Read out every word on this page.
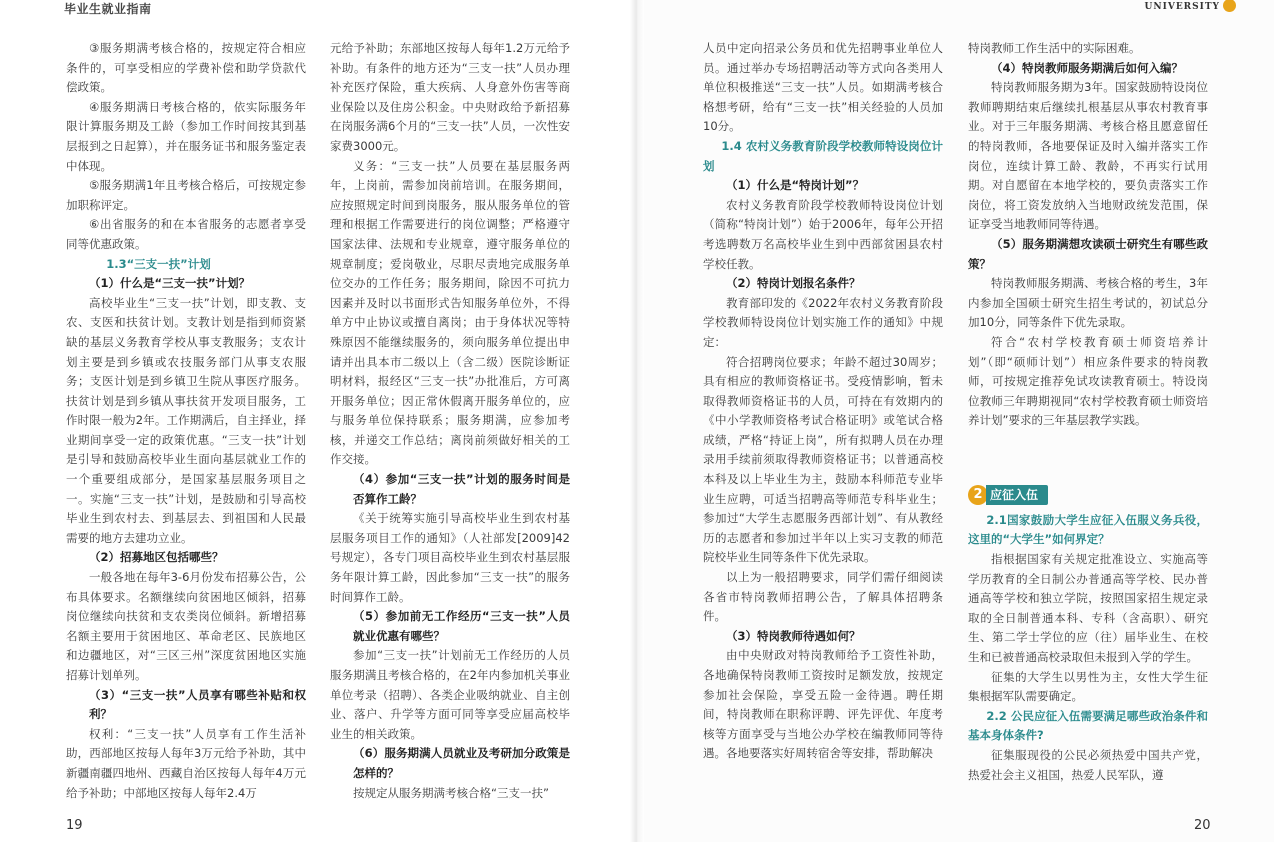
毕业生就业指南
19
UNIVERSITY
20

③服务期满考核合格的，按规定符合相应条件的，可享受相应的学费补偿和助学贷款代偿政策。

④服务期满日考核合格的，依实际服务年限计算服务期及工龄（参加工作时间按其到基层报到之日起算），并在服务证书和服务鉴定表中体现。

⑤服务期满1年且考核合格后，可按规定参加职称评定。

⑥出省服务的和在本省服务的志愿者享受同等优惠政策。

1.3“三支一扶”计划

（1）什么是“三支一扶”计划？

高校毕业生“三支一扶”计划，即支教、支农、支医和扶贫计划。支教计划是指到师资紧缺的基层义务教育学校从事支教服务；支农计划主要是到乡镇或农技服务部门从事支农服务；支医计划是到乡镇卫生院从事医疗服务。扶贫计划是到乡镇从事扶贫开发项目服务，工作时限一般为2年。工作期满后，自主择业，择业期间享受一定的政策优惠。“三支一扶”计划是引导和鼓励高校毕业生面向基层就业工作的一个重要组成部分，是国家基层服务项目之一。实施“三支一扶”计划，是鼓励和引导高校毕业生到农村去、到基层去、到祖国和人民最需要的地方去建功立业。

（2）招募地区包括哪些？

一般各地在每年3-6月份发布招募公告，公布具体要求。名额继续向贫困地区倾斜，招募岗位继续向扶贫和支农类岗位倾斜。新增招募名额主要用于贫困地区、革命老区、民族地区和边疆地区，对“三区三州”深度贫困地区实施招募计划单列。

（3）“三支一扶”人员享有哪些补贴和权利？

权利：“三支一扶”人员享有工作生活补助，西部地区按每人每年3万元给予补助，其中新疆南疆四地州、西藏自治区按每人每年4万元给予补助；中部地区按每人每年2.4万

元给予补助；东部地区按每人每年1.2万元给予补助。有条件的地方还为“三支一扶”人员办理补充医疗保险，重大疾病、人身意外伤害等商业保险以及住房公积金。中央财政给予新招募在岗服务满6个月的“三支一扶”人员，一次性安家费3000元。

义务：“三支一扶”人员要在基层服务两年，上岗前，需参加岗前培训。在服务期间，应按照规定时间到岗服务，服从服务单位的管理和根据工作需要进行的岗位调整；严格遵守国家法律、法规和专业规章，遵守服务单位的规章制度；爱岗敬业，尽职尽责地完成服务单位交办的工作任务；服务期间，除因不可抗力因素并及时以书面形式告知服务单位外，不得单方中止协议或擅自离岗；由于身体状况等特殊原因不能继续服务的，须向服务单位提出申请并出具本市二级以上（含二级）医院诊断证明材料，报经区“三支一扶”办批准后，方可离开服务单位；因正常休假离开服务单位的，应与服务单位保持联系；服务期满，应参加考核，并递交工作总结；离岗前须做好相关的工作交接。

（4）参加“三支一扶”计划的服务时间是否算作工龄？

《关于统筹实施引导高校毕业生到农村基层服务项目工作的通知》（人社部发[2009]42号规定），各专门项目高校毕业生到农村基层服务年限计算工龄，因此参加“三支一扶”的服务时间算作工龄。

（5）参加前无工作经历“三支一扶”人员就业优惠有哪些？

参加“三支一扶”计划前无工作经历的人员服务期满且考核合格的，在2年内参加机关事业单位考录（招聘）、各类企业吸纳就业、自主创业、落户、升学等方面可同等享受应届高校毕业生的相关政策。

（6）服务期满人员就业及考研加分政策是怎样的？

按规定从服务期满考核合格“三支一扶”

人员中定向招录公务员和优先招聘事业单位人员。通过举办专场招聘活动等方式向各类用人单位积极推送“三支一扶”人员。如期满考核合格想考研，给有“三支一扶”相关经验的人员加10分。

1.4 农村义务教育阶段学校教师特设岗位计划

（1）什么是“特岗计划”？

农村义务教育阶段学校教师特设岗位计划（简称“特岗计划”）始于2006年，每年公开招考选聘数万名高校毕业生到中西部贫困县农村学校任教。

（2）特岗计划报名条件？

教育部印发的《2022年农村义务教育阶段学校教师特设岗位计划实施工作的通知》中规定：

符合招聘岗位要求；年龄不超过30周岁；具有相应的教师资格证书。受疫情影响，暂未取得教师资格证书的人员，可持在有效期内的《中小学教师资格考试合格证明》或笔试合格成绩，严格“持证上岗”，所有拟聘人员在办理录用手续前须取得教师资格证书；以普通高校本科及以上毕业生为主，鼓励本科师范专业毕业生应聘，可适当招聘高等师范专科毕业生；参加过“大学生志愿服务西部计划”、有从教经历的志愿者和参加过半年以上实习支教的师范院校毕业生同等条件下优先录取。

以上为一般招聘要求，同学们需仔细阅读各省市特岗教师招聘公告，了解具体招聘条件。

（3）特岗教师待遇如何？

由中央财政对特岗教师给予工资性补助，各地确保特岗教师工资按时足额发放，按规定参加社会保险，享受五险一金待遇。聘任期间，特岗教师在职称评聘、评先评优、年度考核等方面享受与当地公办学校在编教师同等待遇。各地要落实好周转宿舍等安排，帮助解决

特岗教师工作生活中的实际困难。

（4）特岗教师服务期满后如何入编？

特岗教师服务期为3年。国家鼓励特设岗位教师聘期结束后继续扎根基层从事农村教育事业。对于三年服务期满、考核合格且愿意留任的特岗教师，各地要保证及时入编并落实工作岗位，连续计算工龄、教龄，不再实行试用期。对自愿留在本地学校的，要负责落实工作岗位，将工资发放纳入当地财政统发范围，保证享受当地教师同等待遇。

（5）服务期满想攻读硕士研究生有哪些政策？

特岗教师服务期满、考核合格的考生，3年内参加全国硕士研究生招生考试的，初试总分加10分，同等条件下优先录取。

符合“农村学校教育硕士师资培养计划”（即“硕师计划”）相应条件要求的特岗教师，可按规定推荐免试攻读教育硕士。特设岗位教师三年聘期视同“农村学校教育硕士师资培养计划”要求的三年基层教学实践。

2 应征入伍

2.1国家鼓励大学生应征入伍服义务兵役，这里的“大学生”如何界定？

指根据国家有关规定批准设立、实施高等学历教育的全日制公办普通高等学校、民办普通高等学校和独立学院，按照国家招生规定录取的全日制普通本科、专科（含高职）、研究生、第二学士学位的应（往）届毕业生、在校生和已被普通高校录取但未报到入学的学生。

征集的大学生以男性为主，女性大学生征集根据军队需要确定。

2.2 公民应征入伍需要满足哪些政治条件和基本身体条件?

征集服现役的公民必须热爱中国共产党，热爱社会主义祖国，热爱人民军队，遵
